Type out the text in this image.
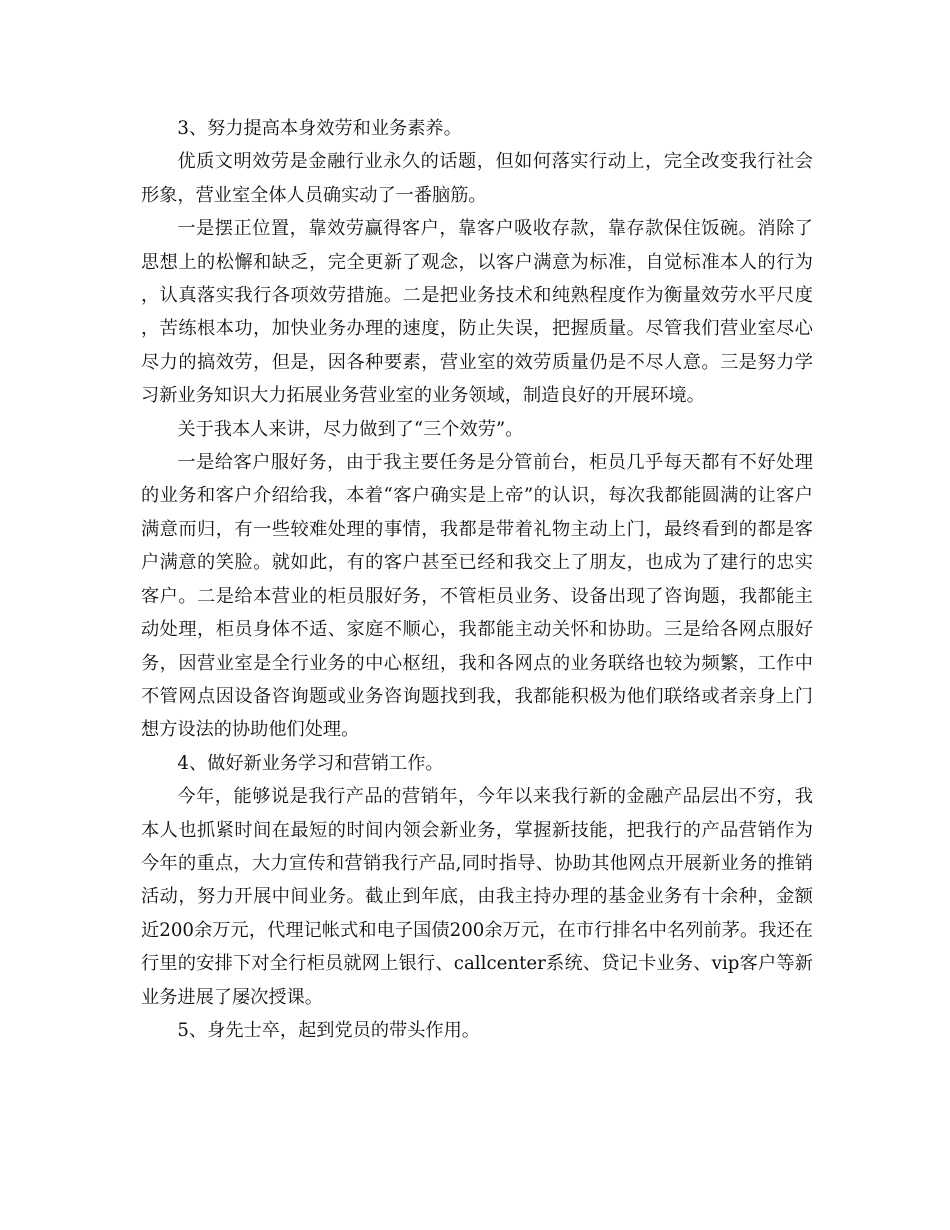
3、努力提高本身效劳和业务素养。

优质文明效劳是金融行业永久的话题，但如何落实行动上，完全改变我行社会形象，营业室全体人员确实动了一番脑筋。

一是摆正位置，靠效劳赢得客户，靠客户吸收存款，靠存款保住饭碗。消除了思想上的松懈和缺乏，完全更新了观念，以客户满意为标准，自觉标准本人的行为，认真落实我行各项效劳措施。二是把业务技术和纯熟程度作为衡量效劳水平尺度，苦练根本功，加快业务办理的速度，防止失误，把握质量。尽管我们营业室尽心尽力的搞效劳，但是，因各种要素，营业室的效劳质量仍是不尽人意。三是努力学习新业务知识大力拓展业务营业室的业务领域，制造良好的开展环境。

关于我本人来讲，尽力做到了“三个效劳”。

一是给客户服好务，由于我主要任务是分管前台，柜员几乎每天都有不好处理的业务和客户介绍给我，本着“客户确实是上帝”的认识，每次我都能圆满的让客户满意而归，有一些较难处理的事情，我都是带着礼物主动上门，最终看到的都是客户满意的笑脸。就如此，有的客户甚至已经和我交上了朋友，也成为了建行的忠实客户。二是给本营业的柜员服好务，不管柜员业务、设备出现了咨询题，我都能主动处理，柜员身体不适、家庭不顺心，我都能主动关怀和协助。三是给各网点服好务，因营业室是全行业务的中心枢纽，我和各网点的业务联络也较为频繁，工作中不管网点因设备咨询题或业务咨询题找到我，我都能积极为他们联络或者亲身上门想方设法的协助他们处理。

4、做好新业务学习和营销工作。

今年，能够说是我行产品的营销年，今年以来我行新的金融产品层出不穷，我本人也抓紧时间在最短的时间内领会新业务，掌握新技能，把我行的产品营销作为今年的重点，大力宣传和营销我行产品,同时指导、协助其他网点开展新业务的推销活动，努力开展中间业务。截止到年底，由我主持办理的基金业务有十余种，金额近200余万元，代理记帐式和电子国债200余万元，在市行排名中名列前茅。我还在行里的安排下对全行柜员就网上银行、callcenter系统、贷记卡业务、vip客户等新业务进展了屡次授课。

5、身先士卒，起到党员的带头作用。
